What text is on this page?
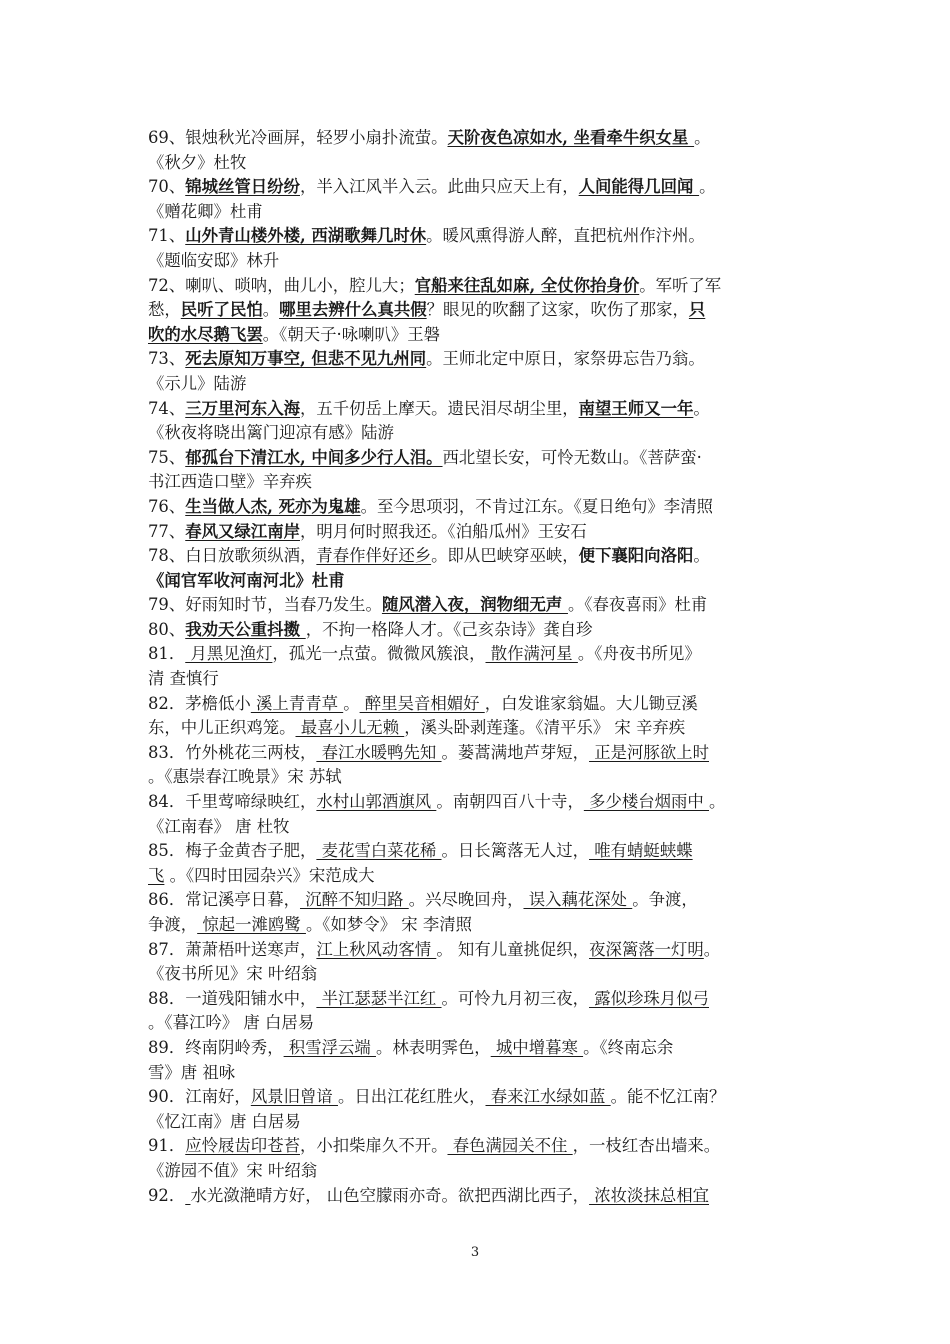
69、银烛秋光冷画屏，轻罗小扇扑流萤。天阶夜色凉如水, 坐看牵牛织女星 。
《秋夕》杜牧
70、锦城丝管日纷纷，半入江风半入云。此曲只应天上有，人间能得几回闻 。
《赠花卿》杜甫
71、山外青山楼外楼, 西湖歌舞几时休。暖风熏得游人醉，直把杭州作汴州。
《题临安邸》林升
72、喇叭、唢呐，曲儿小，腔儿大；官船来往乱如麻, 全仗你抬身价。军听了军
愁，民听了民怕。哪里去辨什么真共假？眼见的吹翻了这家，吹伤了那家，只
吹的水尽鹅飞罢。《朝天子·咏喇叭》王磐
73、死去原知万事空, 但悲不见九州同。王师北定中原日，家祭毋忘告乃翁。
《示儿》陆游
74、三万里河东入海，五千仞岳上摩天。遗民泪尽胡尘里，南望王师又一年。
《秋夜将晓出篱门迎凉有感》陆游
75、郁孤台下清江水, 中间多少行人泪。西北望长安，可怜无数山。《菩萨蛮·
书江西造口壁》辛弃疾
76、生当做人杰, 死亦为鬼雄。至今思项羽，不肯过江东。《夏日绝句》李清照
77、春风又绿江南岸，明月何时照我还。《泊船瓜州》王安石
78、白日放歌须纵酒，青春作伴好还乡。即从巴峡穿巫峡，便下襄阳向洛阳。
《闻官军收河南河北》杜甫
79、好雨知时节，当春乃发生。随风潜入夜，润物细无声 。《春夜喜雨》杜甫
80、我劝天公重抖擞 ，不拘一格降人才。《己亥杂诗》龚自珍
81． 月黑见渔灯，孤光一点萤。微微风簇浪， 散作满河星 。《舟夜书所见》
清 查慎行
82．茅檐低小 溪上青青草 。 醉里吴音相媚好 ，白发谁家翁媪。大儿锄豆溪
东，中儿正织鸡笼。 最喜小儿无赖 ，溪头卧剥莲蓬。《清平乐》 宋 辛弃疾
83．竹外桃花三两枝， 春江水暖鸭先知 。蒌蒿满地芦芽短， 正是河豚欲上时
。《惠崇春江晚景》宋 苏轼
84．千里莺啼绿映红，水村山郭酒旗风 。南朝四百八十寺， 多少楼台烟雨中 。
《江南春》 唐 杜牧
85．梅子金黄杏子肥， 麦花雪白菜花稀 。日长篱落无人过， 唯有蜻蜓蛱蝶
飞 。《四时田园杂兴》宋范成大
86．常记溪亭日暮， 沉醉不知归路 。兴尽晚回舟， 误入藕花深处 。争渡，
争渡， 惊起一滩鸥鹭 。《如梦令》 宋 李清照
87．萧萧梧叶送寒声，江上秋风动客情 。 知有儿童挑促织，夜深篱落一灯明。
《夜书所见》宋 叶绍翁
88．一道残阳铺水中， 半江瑟瑟半江红 。可怜九月初三夜， 露似珍珠月似弓
。《暮江吟》 唐 白居易
89．终南阴岭秀， 积雪浮云端 。林表明霁色， 城中增暮寒 。《终南忘余
雪》唐 祖咏
90．江南好，风景旧曾谙 。日出江花红胜火， 春来江水绿如蓝 。能不忆江南？
《忆江南》唐 白居易
91．应怜屐齿印苍苔，小扣柴扉久不开。 春色满园关不住 ，一枝红杏出墙来。
《游园不值》宋 叶绍翁
92． 水光潋滟晴方好， 山色空朦雨亦奇。欲把西湖比西子， 浓妆淡抹总相宜
3
